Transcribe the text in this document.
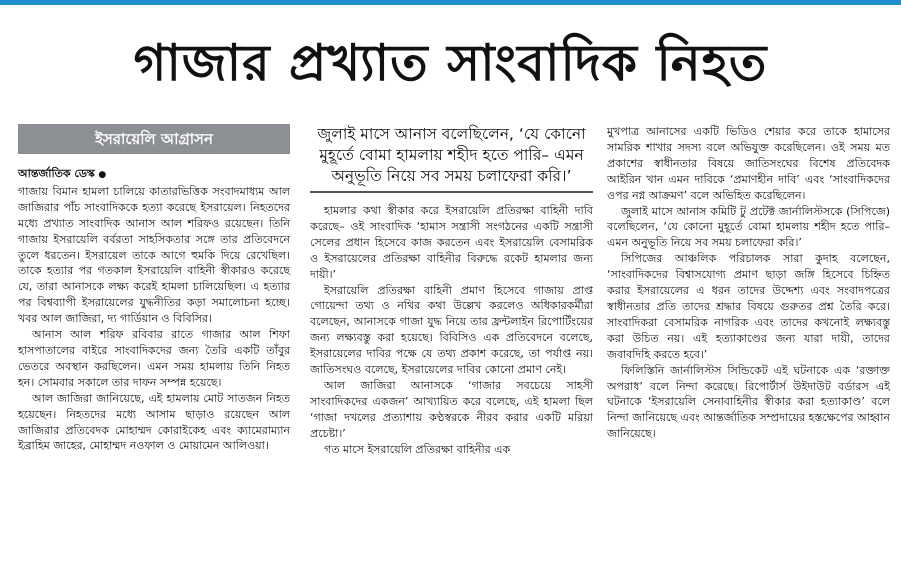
গাজার প্রখ্যাত সাংবাদিক নিহত
ইসরায়েলি আগ্রাসন

আন্তর্জাতিক ডেস্ক ●

গাজায় বিমান হামলা চালিয়ে কাতারভিত্তিক সংবাদমাধ্যম আল জাজিরার পাঁচ সাংবাদিককে হত্যা করেছে ইসরায়েল। নিহতদের মধ্যে প্রখ্যাত সাংবাদিক আনাস আল শরিফও রয়েছেন। তিনি গাজায় ইসরায়েলি বর্বরতা সাহসিকতার সঙ্গে তার প্রতিবেদনে তুলে ধরতেন। ইসরায়েল তাকে আগে হুমকি দিয়ে রেখেছিল। তাকে হত্যার পর গতকাল ইসরায়েলি বাহিনী স্বীকারও করেছে যে, তারা আনাসকে লক্ষ্য করেই হামলা চালিয়েছিল। এ হত্যার পর বিশ্বব্যাপী ইসরায়েলের যুদ্ধনীতির কড়া সমালোচনা হচ্ছে। খবর আল জাজিরা, দ্য গার্ডিয়ান ও বিবিসির।

আনাস আল শরিফ রবিবার রাতে গাজার আল শিফা হাসপাতালের বাইরে সাংবাদিকদের জন্য তৈরি একটি তাঁবুর ভেতরে অবস্থান করছিলেন। এমন সময় হামলায় তিনি নিহত হন। সোমবার সকালে তার দাফন সম্পন্ন হয়েছে।

আল জাজিরা জানিয়েছে, এই হামলায় মোট সাতজন নিহত হয়েছেন। নিহতদের মধ্যে আসাম ছাড়াও রয়েছেন আল জাজিরার প্রতিবেদক মোহাম্মদ কোরাইকেহ এবং ক্যামেরাম্যান ইব্রাহিম জাহের, মোহাম্মদ নওফাল ও মোয়ামেন আলিওয়া।

জুলাই মাসে আনাস বলেছিলেন, ‘যে কোনো মুহূর্তে বোমা হামলায় শহীদ হতে পারি– এমন অনুভূতি নিয়ে সব সময় চলাফেরা করি।’

হামলার কথা স্বীকার করে ইসরায়েলি প্রতিরক্ষা বাহিনী দাবি করেছে– ওই সাংবাদিক ‘হামাস সন্ত্রাসী সংগঠনের একটি সন্ত্রাসী সেলের প্রধান হিসেবে কাজ করতেন এবং ইসরায়েলি বেসামরিক ও ইসরায়েলের প্রতিরক্ষা বাহিনীর বিরুদ্ধে রকেট হামলার জন্য দায়ী।’

ইসরায়েলি প্রতিরক্ষা বাহিনী প্রমাণ হিসেবে গাজায় প্রাপ্ত গোয়েন্দা তথ্য ও নথির কথা উল্লেখ করলেও অধিকারকর্মীরা বলেছেন, আনাসকে গাজা যুদ্ধ নিয়ে তার ফ্রন্টলাইন রিপোর্টিংয়ের জন্য লক্ষ্যবস্তু করা হয়েছে। বিবিসিও এক প্রতিবেদনে বলেছে, ইসরায়েলের দাবির পক্ষে যে তথ্য প্রকাশ করেছে, তা পর্যাপ্ত নয়। জাতিসংঘও বলেছে, ইসরায়েলের দাবির কোনো প্রমাণ নেই।

আল জাজিরা আনাসকে ‘গাজার সবচেয়ে সাহসী সাংবাদিকদের একজন’ আখ্যায়িত করে বলেছে, এই হামলা ছিল ‘গাজা দখলের প্রত্যাশায় কণ্ঠস্বরকে নীরব করার একটি মরিয়া প্রচেষ্টা।’

গত মাসে ইসরায়েলি প্রতিরক্ষা বাহিনীর এক

মুখপাত্র আনাসের একটি ভিডিও শেয়ার করে তাকে হামাসের সামরিক শাখার সদস্য বলে অভিযুক্ত করেছিলেন। ওই সময় মত প্রকাশের স্বাধীনতার বিষয়ে জাতিসংঘের বিশেষ প্রতিবেদক আইরিন খান এমন দাবিকে ‘প্রমাণহীন দাবি’ এবং ‘সাংবাদিকদের ওপর নগ্ন আক্রমণ’ বলে অভিহিত করেছিলেন।

জুলাই মাসে আনাস কমিটি টু প্রটেক্ট জার্নালিস্টসকে (সিপিজে) বলেছিলেন, ‘যে কোনো মুহূর্তে বোমা হামলায় শহীদ হতে পারি– এমন অনুভূতি নিয়ে সব সময় চলাফেরা করি।’

সিপিজের আঞ্চলিক পরিচালক সারা কুদাহ বলেছেন, ‘সাংবাদিকদের বিশ্বাসযোগ্য প্রমাণ ছাড়া জঙ্গি হিসেবে চিহ্নিত করার ইসরায়েলের এ ধরন তাদের উদ্দেশ্য এবং সংবাদপত্রের স্বাধীনতার প্রতি তাদের শ্রদ্ধার বিষয়ে গুরুতর প্রশ্ন তৈরি করে। সাংবাদিকরা বেসামরিক নাগরিক এবং তাদের কখনোই লক্ষ্যবস্তু করা উচিত নয়। এই হত্যাকাণ্ডের জন্য যারা দায়ী, তাদের জবাবদিহি করতে হবে।’

ফিলিস্তিনি জার্নালিস্টস সিন্ডিকেট এই ঘটনাকে এক ‘রক্তাক্ত অপরাধ’ বলে নিন্দা করেছে। রিপোর্টার্স উইদাউট বর্ডারস এই ঘটনাকে ‘ইসরায়েলি সেনাবাহিনীর স্বীকার করা হত্যাকাণ্ড’ বলে নিন্দা জানিয়েছে এবং আন্তর্জাতিক সম্প্রদায়ের হস্তক্ষেপের আহ্বান জানিয়েছে।
